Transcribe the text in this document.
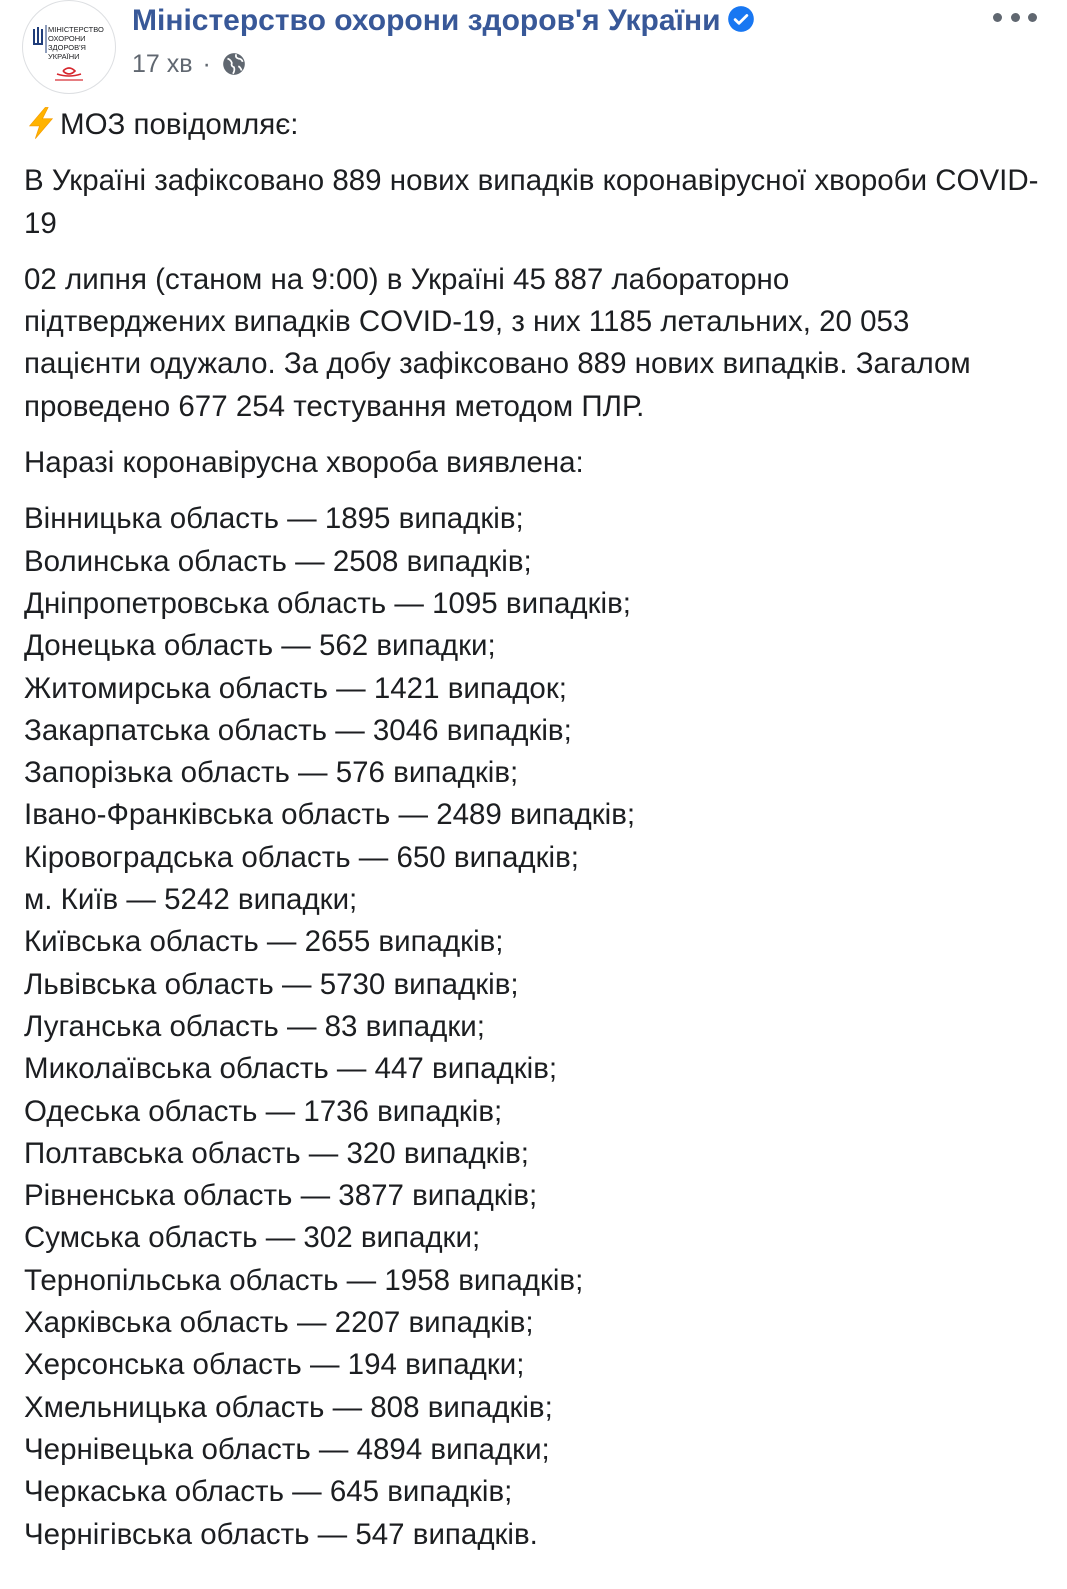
МІНІСТЕРСТВО
ОХОРОНИ
ЗДОРОВ'Я
УКРАЇНИ
Міністерство охорони здоров'я України
17 хв ·

МОЗ повідомляє:

В Україні зафіксовано 889 нових випадків коронавірусної хвороби COVID-19

02 липня (станом на 9:00) в Україні 45 887 лабораторно
підтверджених випадків COVID-19, з них 1185 летальних, 20 053
пацієнти одужало. За добу зафіксовано 889 нових випадків. Загалом
проведено 677 254 тестування методом ПЛР.

Наразі коронавірусна хвороба виявлена:

Вінницька область — 1895 випадків;
Волинська область — 2508 випадків;
Дніпропетровська область — 1095 випадків;
Донецька область — 562 випадки;
Житомирська область — 1421 випадок;
Закарпатська область — 3046 випадків;
Запорізька область — 576 випадків;
Івано-Франківська область — 2489 випадків;
Кіровоградська область — 650 випадків;
м. Київ — 5242 випадки;
Київська область — 2655 випадків;
Львівська область — 5730 випадків;
Луганська область — 83 випадки;
Миколаївська область — 447 випадків;
Одеська область — 1736 випадків;
Полтавська область — 320 випадків;
Рівненська область — 3877 випадків;
Сумська область — 302 випадки;
Тернопільська область — 1958 випадків;
Харківська область — 2207 випадків;
Херсонська область — 194 випадки;
Хмельницька область — 808 випадків;
Чернівецька область — 4894 випадки;
Черкаська область — 645 випадків;
Чернігівська область — 547 випадків.
